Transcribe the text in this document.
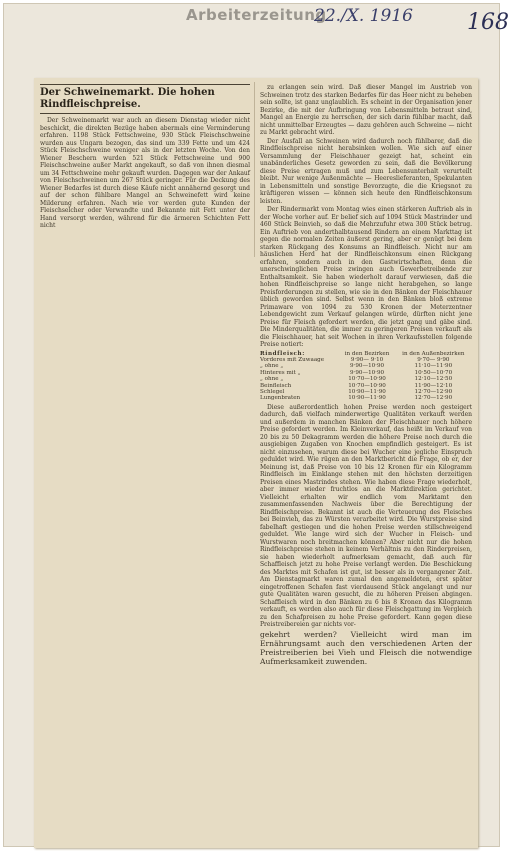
Arbeiterzeitung
22./X. 1916 168
Der Schweinemarkt. Die hohen Rindfleischpreise.

Der Schweinemarkt war auch an diesem Dienstag wieder nicht beschickt, die direkten Bezüge haben abermals eine Verminderung erfahren. 1198 Stück Fettschweine, 930 Stück Fleischschweine wurden aus Ungarn bezogen, das sind um 339 Fette und um 424 Stück Fleischschweine weniger als in der letzten Woche. Von den Wiener Beschern wurden 521 Stück Fettschweine und 900 Fleischschweine außer Markt angekauft, so daß von ihnen diesmal um 34 Fettschweine mehr gekauft wurden. Dagegen war der Ankauf von Fleischschweinen um 267 Stück geringer. Für die Deckung des Wiener Bedarfes ist durch diese Käufe nicht annähernd gesorgt und auf der schon fühlbare Mangel an Schweinefett wird keine Milderung erfahren. Nach wie vor werden gute Kunden der Fleischselcher oder Verwandte und Bekannte mit Fett unter der Hand versorgt werden, während für die ärmeren Schichten Fett nicht

zu erlangen sein wird. Daß dieser Mangel im Austrieb von Schweinen trotz des starken Bedarfes für das Heer nicht zu beheben sein sollte, ist ganz unglaublich. Es scheint in der Organisation jener Bezirke, die mit der Aufbringung von Lebensmitteln betraut sind, Mangel an Energie zu herrschen, der sich darin fühlbar macht, daß nicht unmittelbar Erzeugtes — dazu gehören auch Schweine — nicht zu Markt gebracht wird.

Der Ausfall an Schweinen wird dadurch noch fühlbarer, daß die Rindfleischpreise nicht herabsinken wollen. Wie sich auf einer Versammlung der Fleischhauer gezeigt hat, scheint ein unabänderliches Gesetz geworden zu sein, daß die Bevölkerung diese Preise ertragen muß und zum Lebensunterhalt verurteilt bleibt. Nur wenige Außenmächte — Heereslieferanten, Spekulanten in Lebensmitteln und sonstige Bevorzugte, die die Kriegsnot zu kräftigeren wissen — können sich heute den Rindfleischkonsum leisten.

Der Rindermarkt vom Montag wies einen stärkeren Auftrieb als in der Woche vorher auf. Er belief sich auf 1094 Stück Mastrinder und 460 Stück Beinvieh, so daß die Mehrzufuhr etwa 300 Stück betrug. Ein Auftrieb von anderthalbtausend Rindern an einem Markttag ist gegen die normalen Zeiten äußerst gering, aber er genügt bei dem starken Rückgang des Konsums an Rindfleisch. Nicht nur am häuslichen Herd hat der Rindfleischkonsum einen Rückgang erfahren, sondern auch in den Gastwirtschaften, denn die unerschwinglichen Preise zwingen auch Gewerbetreibende zur Enthaltsamkeit. Sie haben wiederholt darauf verwiesen, daß die hohen Rindfleischpreise so lange nicht herabgehen, so lange Preisforderungen zu stellen, wie sie in den Bänken der Fleischhauer üblich geworden sind. Selbst wenn in den Bänken bloß extreme Primaware von 1094 zu 530 Kronen der Meterzentner Lebendgewicht zum Verkauf gelangen würde, dürften nicht jene Preise für Fleisch gefordert werden, die jetzt gang und gäbe sind. Die Minderqualitäten, die immer zu geringeren Preisen verkauft als die Fleischhauer, hat seit Wochen in ihren Verkaufsstellen folgende Preise notiert:

Rindfleisch:	in den Bezirken	in den Außenbezirken
Vorderes mit Zuwaage	9·90— 9·10	9·70— 9·90
„ ohne „	9·90—10·90	11·10—11·90
Hinteres mit „	9·90—10·90	10·50—10·70
„ ohne „	10·70—10·90	12·10—12·50
Beinfleisch	10·70—10·90	11·90—12·10
Schlegel	10·90—11·90	12·70—12·90
Lungenbraten	10·90—11·90	12·70—12·90

Diese außerordentlich hohen Preise werden noch gesteigert dadurch, daß vielfach minderwertige Qualitäten verkauft werden und außerdem in manchen Bänken der Fleischhauer noch höhere Preise gefordert werden. Im Kleinverkauf, das heißt im Verkauf von 20 bis zu 50 Dekagramm werden die höhere Preise noch durch die ausgiebigen Zugaben von Knochen empfindlich gesteigert. Es ist nicht einzusehen, warum diese bei Wucher eine jegliche Einspruch geduldet wird. Wie rügen an den Marktbericht die Frage, ob er, der Meinung ist, daß Preise von 10 bis 12 Kronen für ein Kilogramm Rindfleisch im Einklange stehen mit den höchsten derzeitigen Preisen eines Mastrindes stehen. Wie haben diese Frage wiederholt, aber immer wieder fruchtlos an die Marktdirektion gerichtet. Vielleicht erhalten wir endlich vom Marktamt den zusammenfassenden Nachweis über die Berechtigung der Rindfleischpreise. Bekannt ist auch die Verteuerung des Fleisches bei Beinvieh, das zu Würsten verarbeitet wird. Die Wurstpreise sind fabelhaft gestiegen und die hohen Preise werden stillschweigend geduldet. Wie lange wird sich der Wucher in Fleisch- und Wurstwaren noch breitmachen können? Aber nicht nur die hohen Rindfleischpreise stehen in keinem Verhältnis zu den Rinderpreisen, sie haben wiederholt aufmerksam gemacht, daß auch für Schaffleisch jetzt zu hohe Preise verlangt werden. Die Beschickung des Marktes mit Schafen ist gut, ist besser als in vergangener Zeit. Am Dienstagmarkt waren zumal den angemeldeten, erst später eingetroffenen Schafen fast vierdausend Stück angelangt und nur gute Qualitäten waren gesucht, die zu höheren Preisen abgingen. Schaffleisch wird in den Bänken zu 6 bis 8 Kronen das Kilogramm verkauft, es werden also auch für diese Fleischgattung im Vergleich zu den Schafpreisen zu hohe Preise gefordert. Kann gegen diese Preistreibereien gar nichts vor-

gekehrt werden? Vielleicht wird man im Ernährungsamt auch den verschiedenen Arten der Preistreiberien bei Vieh und Fleisch die notwendige Aufmerksamkeit zuwenden.
